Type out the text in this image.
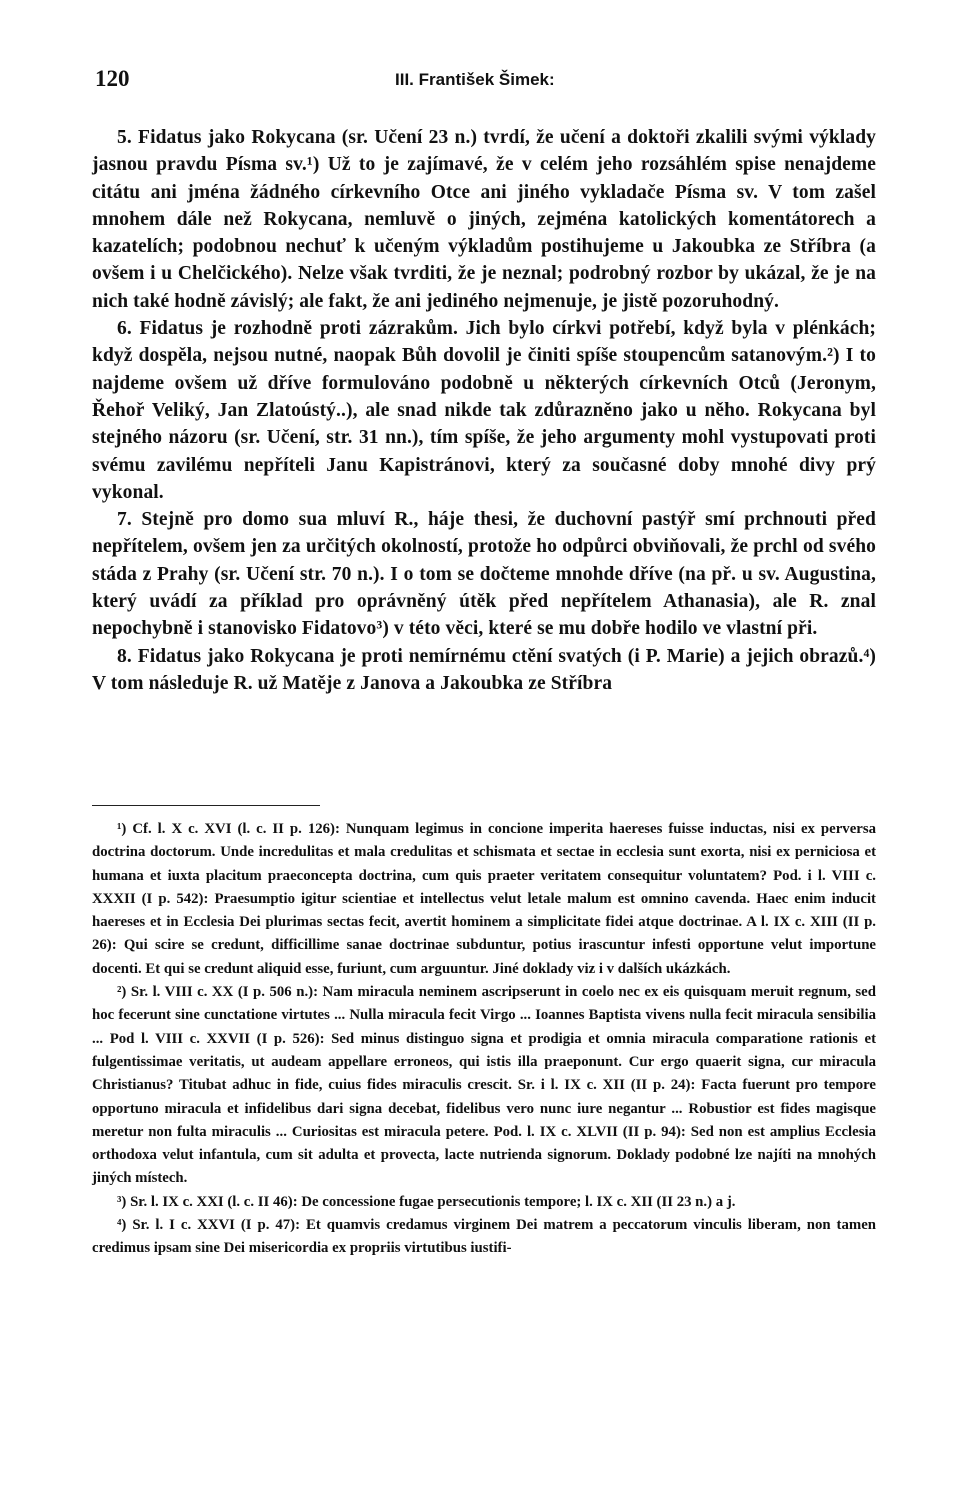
120	III. František Šimek:

5. Fidatus jako Rokycana (sr. Učení 23 n.) tvrdí, že učení a doktoři zkalili svými výklady jasnou pravdu Písma sv.¹) Už to je zajímavé, že v celém jeho rozsáhlém spise nenajdeme citátu ani jména žádného církevního Otce ani jiného vykladače Písma sv. V tom zašel mnohem dále než Rokycana, nemluvě o jiných, zejména katolických komentátorech a kazatelích; podobnou nechuť k učeným výkladům postihujeme u Jakoubka ze Stříbra (a ovšem i u Chelčického). Nelze však tvrditi, že je neznal; podrobný rozbor by ukázal, že je na nich také hodně závislý; ale fakt, že ani jediného nejmenuje, je jistě pozoruhodný.

6. Fidatus je rozhodně proti zázrakům. Jich bylo církvi potřebí, když byla v plénkách; když dospěla, nejsou nutné, naopak Bůh dovolil je činiti spíše stoupencům satanovým.²) I to najdeme ovšem už dříve formulováno podobně u některých církevních Otců (Jeronym, Řehoř Veliký, Jan Zlatoústý..), ale snad nikde tak zdůrazněno jako u něho. Rokycana byl stejného názoru (sr. Učení, str. 31 nn.), tím spíše, že jeho argumenty mohl vystupovati proti svému zavilému nepříteli Janu Kapistránovi, který za současné doby mnohé divy prý vykonal.

7. Stejně pro domo sua mluví R., háje thesi, že duchovní pastýř smí prchnouti před nepřítelem, ovšem jen za určitých okolností, protože ho odpůrci obviňovali, že prchl od svého stáda z Prahy (sr. Učení str. 70 n.). I o tom se dočteme mnohde dříve (na př. u sv. Augustina, který uvádí za příklad pro oprávněný útěk před nepřítelem Athanasia), ale R. znal nepochybně i stanovisko Fidatovo³) v této věci, které se mu dobře hodilo ve vlastní při.

8. Fidatus jako Rokycana je proti nemírnému ctění svatých (i P. Marie) a jejich obrazů.⁴) V tom následuje R. už Matěje z Janova a Jakoubka ze Stříbra

¹) Cf. l. X c. XVI (l. c. II p. 126): Nunquam legimus in concione imperita haereses fuisse inductas, nisi ex perversa doctrina doctorum. Unde incredulitas et mala credulitas et schismata et sectae in ecclesia sunt exorta, nisi ex perniciosa et humana et iuxta placitum praeconcepta doctrina, cum quis praeter veritatem consequitur voluntatem? Pod. i l. VIII c. XXXII (I p. 542): Praesumptio igitur scientiae et intellectus velut letale malum est omnino cavenda. Haec enim inducit haereses et in Ecclesia Dei plurimas sectas fecit, avertit hominem a simplicitate fidei atque doctrinae. A l. IX c. XIII (II p. 26): Qui scire se credunt, difficillime sanae doctrinae subduntur, potius irascuntur infesti opportune velut importune docenti. Et qui se credunt aliquid esse, furiunt, cum arguuntur. Jiné doklady viz i v dalších ukázkách.

²) Sr. l. VIII c. XX (I p. 506 n.): Nam miracula neminem ascripserunt in coelo nec ex eis quisquam meruit regnum, sed hoc fecerunt sine cunctatione virtutes ... Nulla miracula fecit Virgo ... Ioannes Baptista vivens nulla fecit miracula sensibilia ... Pod l. VIII c. XXVII (I p. 526): Sed minus distinguo signa et prodigia et omnia miracula comparatione rationis et fulgentissimae veritatis, ut audeam appellare erroneos, qui istis illa praeponunt. Cur ergo quaerit signa, cur miracula Christianus? Titubat adhuc in fide, cuius fides miraculis crescit. Sr. i l. IX c. XII (II p. 24): Facta fuerunt pro tempore opportuno miracula et infidelibus dari signa decebat, fidelibus vero nunc iure negantur ... Robustior est fides magisque meretur non fulta miraculis ... Curiositas est miracula petere. Pod. l. IX c. XLVII (II p. 94): Sed non est amplius Ecclesia orthodoxa velut infantula, cum sit adulta et provecta, lacte nutrienda signorum. Doklady podobné lze najíti na mnohých jiných místech.

³) Sr. l. IX c. XXI (l. c. II 46): De concessione fugae persecutionis tempore; l. IX c. XII (II 23 n.) a j.

⁴) Sr. l. I c. XXVI (I p. 47): Et quamvis credamus virginem Dei matrem a peccatorum vinculis liberam, non tamen credimus ipsam sine Dei misericordia ex propriis virtutibus iustifi-
